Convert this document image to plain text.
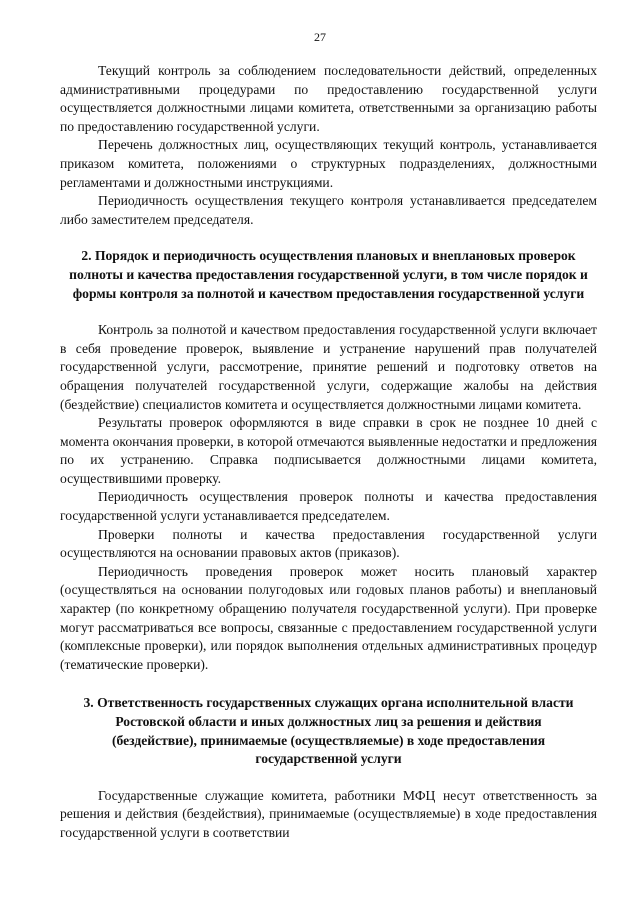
27

Текущий контроль за соблюдением последовательности действий, определенных административными процедурами по предоставлению государственной услуги осуществляется должностными лицами комитета, ответственными за организацию работы по предоставлению государственной услуги.

Перечень должностных лиц, осуществляющих текущий контроль, устанавливается приказом комитета, положениями о структурных подразделениях, должностными регламентами и должностными инструкциями.

Периодичность осуществления текущего контроля устанавливается председателем либо заместителем председателя.

2. Порядок и периодичность осуществления плановых и внеплановых проверок полноты и качества предоставления государственной услуги, в том числе порядок и формы контроля за полнотой и качеством предоставления государственной услуги

Контроль за полнотой и качеством предоставления государственной услуги включает в себя проведение проверок, выявление и устранение нарушений прав получателей государственной услуги, рассмотрение, принятие решений и подготовку ответов на обращения получателей государственной услуги, содержащие жалобы на действия (бездействие) специалистов комитета и осуществляется должностными лицами комитета.

Результаты проверок оформляются в виде справки в срок не позднее 10 дней с момента окончания проверки, в которой отмечаются выявленные недостатки и предложения по их устранению. Справка подписывается должностными лицами комитета, осуществившими проверку.

Периодичность осуществления проверок полноты и качества предоставления государственной услуги устанавливается председателем.

Проверки полноты и качества предоставления государственной услуги осуществляются на основании правовых актов (приказов).

Периодичность проведения проверок может носить плановый характер (осуществляться на основании полугодовых или годовых планов работы) и внеплановый характер (по конкретному обращению получателя государственной услуги). При проверке могут рассматриваться все вопросы, связанные с предоставлением государственной услуги (комплексные проверки), или порядок выполнения отдельных административных процедур (тематические проверки).

3. Ответственность государственных служащих органа исполнительной власти Ростовской области и иных должностных лиц за решения и действия (бездействие), принимаемые (осуществляемые) в ходе предоставления государственной услуги

Государственные служащие комитета, работники МФЦ несут ответственность за решения и действия (бездействия), принимаемые (осуществляемые) в ходе предоставления государственной услуги в соответствии
